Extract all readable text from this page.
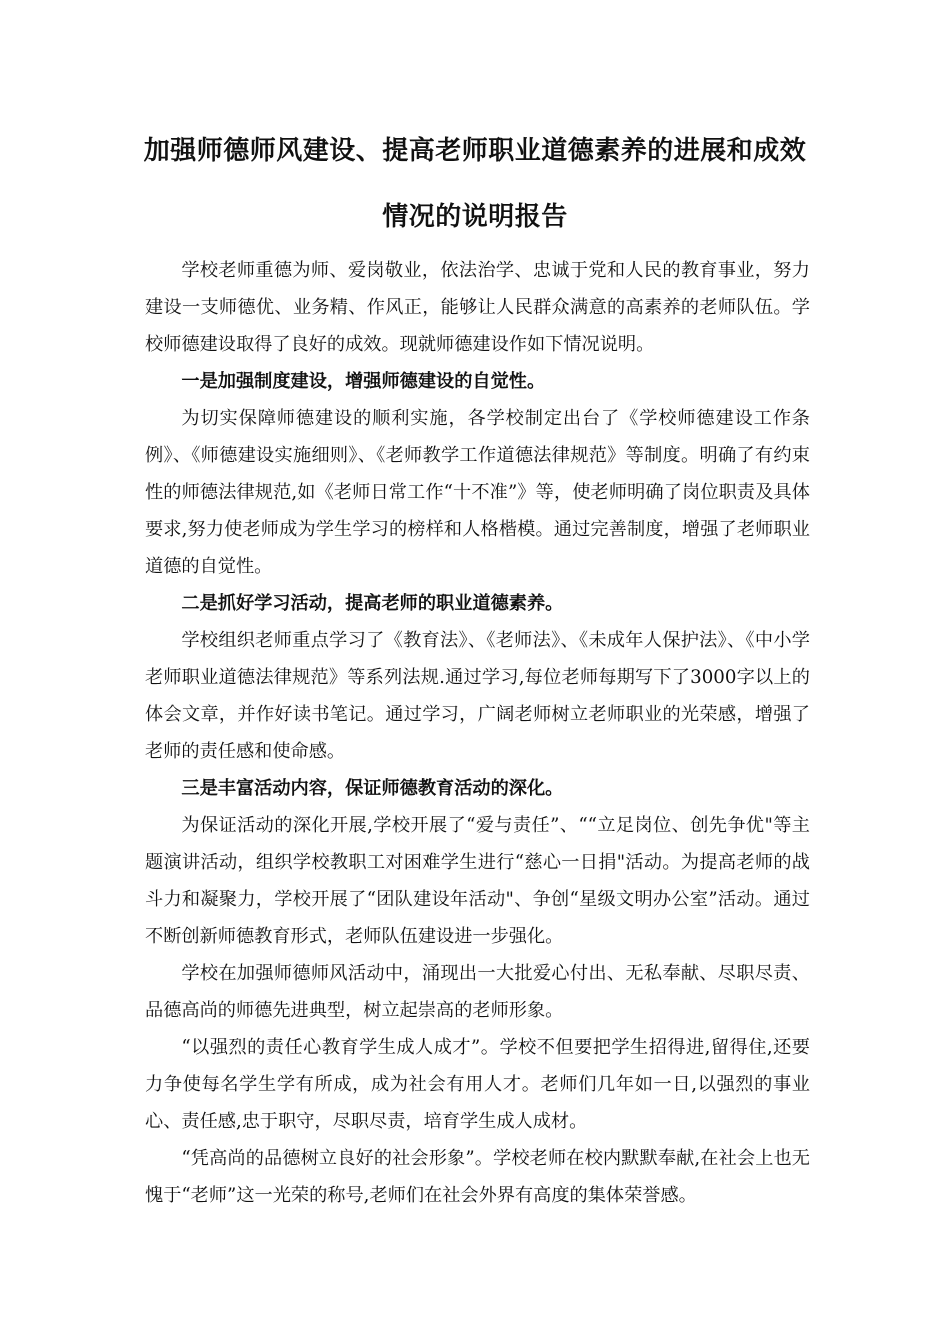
加强师德师风建设、提高老师职业道德素养的进展和成效
情况的说明报告

学校老师重德为师、爱岗敬业，依法治学、忠诚于党和人民的教育事业，努力建设一支师德优、业务精、作风正，能够让人民群众满意的高素养的老师队伍。学校师德建设取得了良好的成效。现就师德建设作如下情况说明。

一是加强制度建设，增强师德建设的自觉性。

为切实保障师德建设的顺利实施，各学校制定出台了《学校师德建设工作条例》、《师德建设实施细则》、《老师教学工作道德法律规范》等制度。明确了有约束性的师德法律规范,如《老师日常工作“十不准”》等，使老师明确了岗位职责及具体要求,努力使老师成为学生学习的榜样和人格楷模。通过完善制度，增强了老师职业道德的自觉性。

二是抓好学习活动，提高老师的职业道德素养。

学校组织老师重点学习了《教育法》、《老师法》、《未成年人保护法》、《中小学老师职业道德法律规范》等系列法规.通过学习,每位老师每期写下了3000字以上的体会文章，并作好读书笔记。通过学习，广阔老师树立老师职业的光荣感，增强了老师的责任感和使命感。

三是丰富活动内容，保证师德教育活动的深化。

为保证活动的深化开展,学校开展了“爱与责任”、““立足岗位、创先争优"等主题演讲活动，组织学校教职工对困难学生进行“慈心一日捐"活动。为提高老师的战斗力和凝聚力，学校开展了“团队建设年活动"、争创“星级文明办公室”活动。通过不断创新师德教育形式，老师队伍建设进一步强化。

学校在加强师德师风活动中，涌现出一大批爱心付出、无私奉献、尽职尽责、品德高尚的师德先进典型，树立起崇高的老师形象。

“以强烈的责任心教育学生成人成才”。学校不但要把学生招得进,留得住,还要力争使每名学生学有所成，成为社会有用人才。老师们几年如一日,以强烈的事业心、责任感,忠于职守，尽职尽责，培育学生成人成材。

“凭高尚的品德树立良好的社会形象”。学校老师在校内默默奉献,在社会上也无愧于“老师”这一光荣的称号,老师们在社会外界有高度的集体荣誉感。
